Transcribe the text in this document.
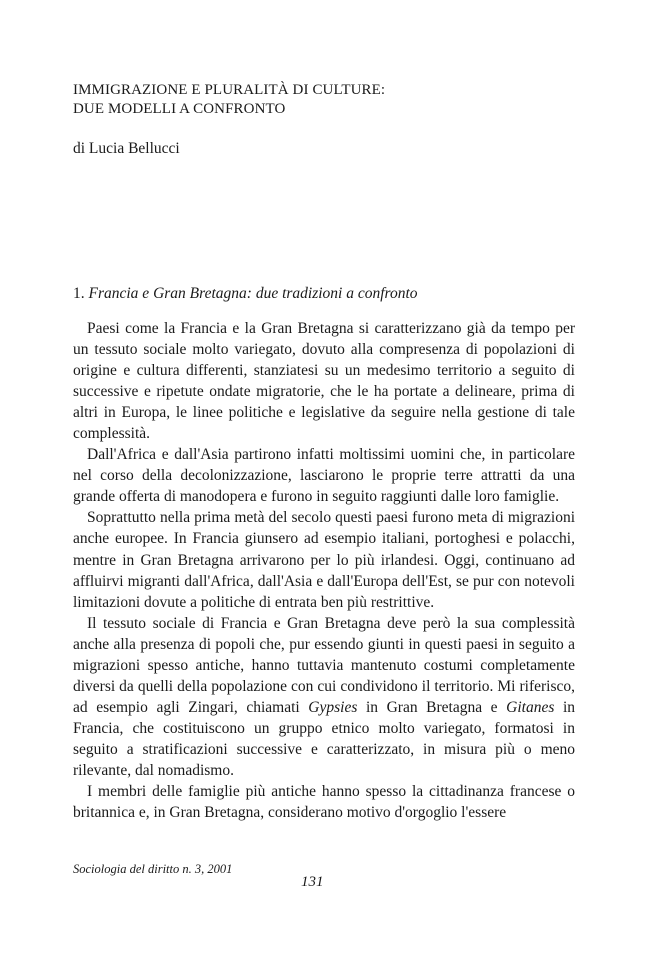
IMMIGRAZIONE E PLURALITÀ DI CULTURE:
DUE MODELLI A CONFRONTO
di Lucia Bellucci
1. Francia e Gran Bretagna: due tradizioni a confronto

Paesi come la Francia e la Gran Bretagna si caratterizzano già da tempo per un tessuto sociale molto variegato, dovuto alla compresenza di popolazioni di origine e cultura differenti, stanziatesi su un medesimo territorio a seguito di successive e ripetute ondate migratorie, che le ha portate a delineare, prima di altri in Europa, le linee politiche e legislative da seguire nella gestione di tale complessità.

Dall'Africa e dall'Asia partirono infatti moltissimi uomini che, in particolare nel corso della decolonizzazione, lasciarono le proprie terre attratti da una grande offerta di manodopera e furono in seguito raggiunti dalle loro famiglie.

Soprattutto nella prima metà del secolo questi paesi furono meta di migrazioni anche europee. In Francia giunsero ad esempio italiani, portoghesi e polacchi, mentre in Gran Bretagna arrivarono per lo più irlandesi. Oggi, continuano ad affluirvi migranti dall'Africa, dall'Asia e dall'Europa dell'Est, se pur con notevoli limitazioni dovute a politiche di entrata ben più restrittive.

Il tessuto sociale di Francia e Gran Bretagna deve però la sua complessità anche alla presenza di popoli che, pur essendo giunti in questi paesi in seguito a migrazioni spesso antiche, hanno tuttavia mantenuto costumi completamente diversi da quelli della popolazione con cui condividono il territorio. Mi riferisco, ad esempio agli Zingari, chiamati Gypsies in Gran Bretagna e Gitanes in Francia, che costituiscono un gruppo etnico molto variegato, formatosi in seguito a stratificazioni successive e caratterizzato, in misura più o meno rilevante, dal nomadismo.

I membri delle famiglie più antiche hanno spesso la cittadinanza francese o britannica e, in Gran Bretagna, considerano motivo d'orgoglio l'essere

Sociologia del diritto n. 3, 2001
131
